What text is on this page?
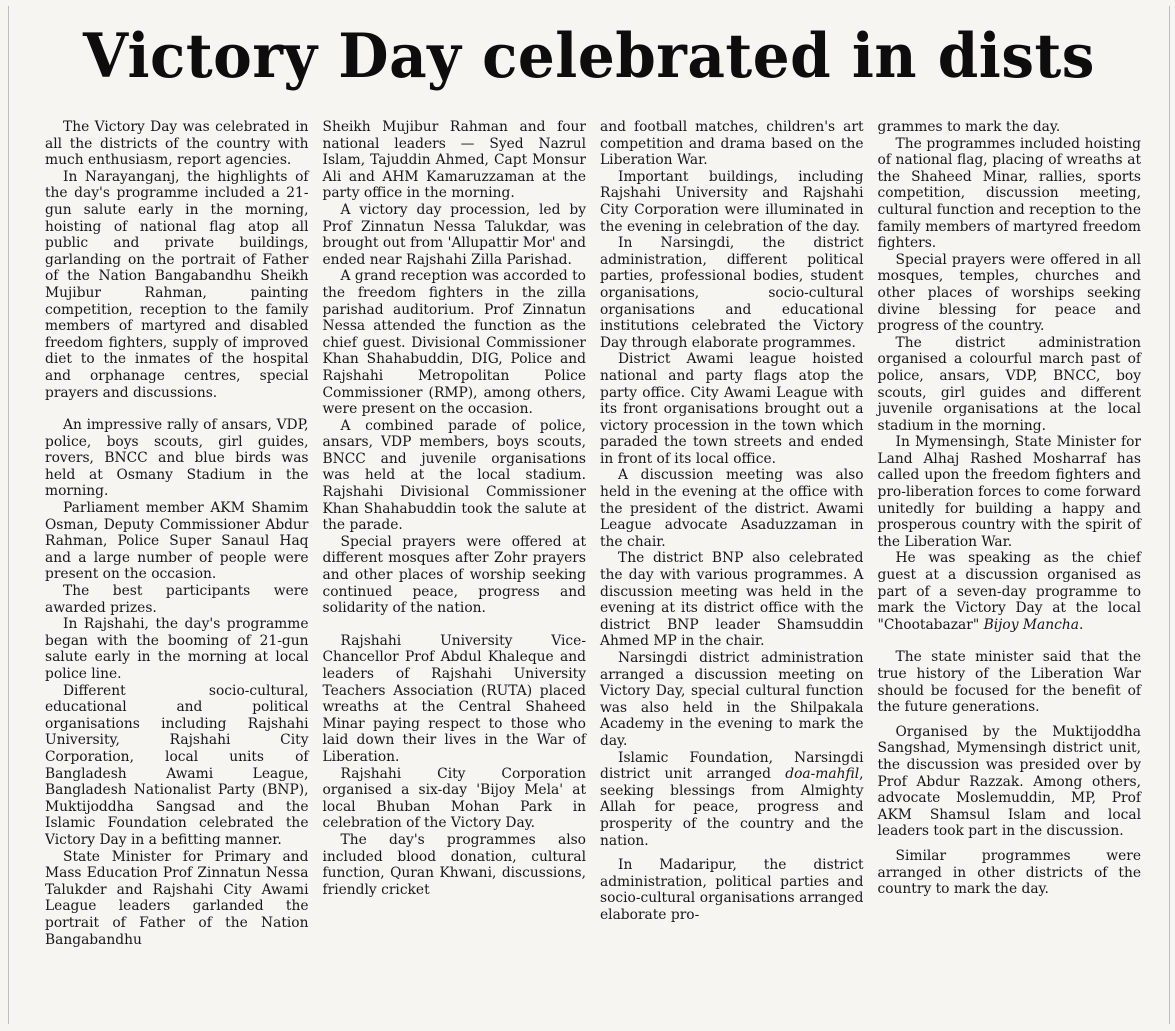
Victory Day celebrated in dists

The Victory Day was celebrated in all the districts of the country with much enthusiasm, report agencies.

In Narayanganj, the highlights of the day's programme included a 21-gun salute early in the morning, hoisting of national flag atop all public and private buildings, garlanding on the portrait of Father of the Nation Bangabandhu Sheikh Mujibur Rahman, painting competition, reception to the family members of martyred and disabled freedom fighters, supply of improved diet to the inmates of the hospital and orphanage centres, special prayers and discussions.

An impressive rally of ansars, VDP, police, boys scouts, girl guides, rovers, BNCC and blue birds was held at Osmany Stadium in the morning.

Parliament member AKM Shamim Osman, Deputy Commissioner Abdur Rahman, Police Super Sanaul Haq and a large number of people were present on the occasion.

The best participants were awarded prizes.

In Rajshahi, the day's programme began with the booming of 21-gun salute early in the morning at local police line.

Different socio-cultural, educational and political organisations including Rajshahi University, Rajshahi City Corporation, local units of Bangladesh Awami League, Bangladesh Nationalist Party (BNP), Muktijoddha Sangsad and the Islamic Foundation celebrated the Victory Day in a befitting manner.

State Minister for Primary and Mass Education Prof Zinnatun Nessa Talukder and Rajshahi City Awami League leaders garlanded the portrait of Father of the Nation Bangabandhu

Sheikh Mujibur Rahman and four national leaders — Syed Nazrul Islam, Tajuddin Ahmed, Capt Monsur Ali and AHM Kamaruzzaman at the party office in the morning.

A victory day procession, led by Prof Zinnatun Nessa Talukdar, was brought out from 'Allupattir Mor' and ended near Rajshahi Zilla Parishad.

A grand reception was accorded to the freedom fighters in the zilla parishad auditorium. Prof Zinnatun Nessa attended the function as the chief guest. Divisional Commissioner Khan Shahabuddin, DIG, Police and Rajshahi Metropolitan Police Commissioner (RMP), among others, were present on the occasion.

A combined parade of police, ansars, VDP members, boys scouts, BNCC and juvenile organisations was held at the local stadium. Rajshahi Divisional Commissioner Khan Shahabuddin took the salute at the parade.

Special prayers were offered at different mosques after Zohr prayers and other places of worship seeking continued peace, progress and solidarity of the nation.

Rajshahi University Vice-Chancellor Prof Abdul Khaleque and leaders of Rajshahi University Teachers Association (RUTA) placed wreaths at the Central Shaheed Minar paying respect to those who laid down their lives in the War of Liberation.

Rajshahi City Corporation organised a six-day 'Bijoy Mela' at local Bhuban Mohan Park in celebration of the Victory Day.

The day's programmes also included blood donation, cultural function, Quran Khwani, discussions, friendly cricket

and football matches, children's art competition and drama based on the Liberation War.

Important buildings, including Rajshahi University and Rajshahi City Corporation were illuminated in the evening in celebration of the day.

In Narsingdi, the district administration, different political parties, professional bodies, student organisations, socio-cultural organisations and educational institutions celebrated the Victory Day through elaborate programmes.

District Awami league hoisted national and party flags atop the party office. City Awami League with its front organisations brought out a victory procession in the town which paraded the town streets and ended in front of its local office.

A discussion meeting was also held in the evening at the office with the president of the district. Awami League advocate Asaduzzaman in the chair.

The district BNP also celebrated the day with various programmes. A discussion meeting was held in the evening at its district office with the district BNP leader Shamsuddin Ahmed MP in the chair.

Narsingdi district administration arranged a discussion meeting on Victory Day, special cultural function was also held in the Shilpakala Academy in the evening to mark the day.

Islamic Foundation, Narsingdi district unit arranged doa-mahfil, seeking blessings from Almighty Allah for peace, progress and prosperity of the country and the nation.

In Madaripur, the district administration, political parties and socio-cultural organisations arranged elaborate pro-

grammes to mark the day.

The programmes included hoisting of national flag, placing of wreaths at the Shaheed Minar, rallies, sports competition, discussion meeting, cultural function and reception to the family members of martyred freedom fighters.

Special prayers were offered in all mosques, temples, churches and other places of worships seeking divine blessing for peace and progress of the country.

The district administration organised a colourful march past of police, ansars, VDP, BNCC, boy scouts, girl guides and different juvenile organisations at the local stadium in the morning.

In Mymensingh, State Minister for Land Alhaj Rashed Mosharraf has called upon the freedom fighters and pro-liberation forces to come forward unitedly for building a happy and prosperous country with the spirit of the Liberation War.

He was speaking as the chief guest at a discussion organised as part of a seven-day programme to mark the Victory Day at the local "Chootabazar" Bijoy Mancha.

The state minister said that the true history of the Liberation War should be focused for the benefit of the future generations.

Organised by the Muktijoddha Sangshad, Mymensingh district unit, the discussion was presided over by Prof Abdur Razzak. Among others, advocate Moslemuddin, MP, Prof AKM Shamsul Islam and local leaders took part in the discussion.

Similar programmes were arranged in other districts of the country to mark the day.
